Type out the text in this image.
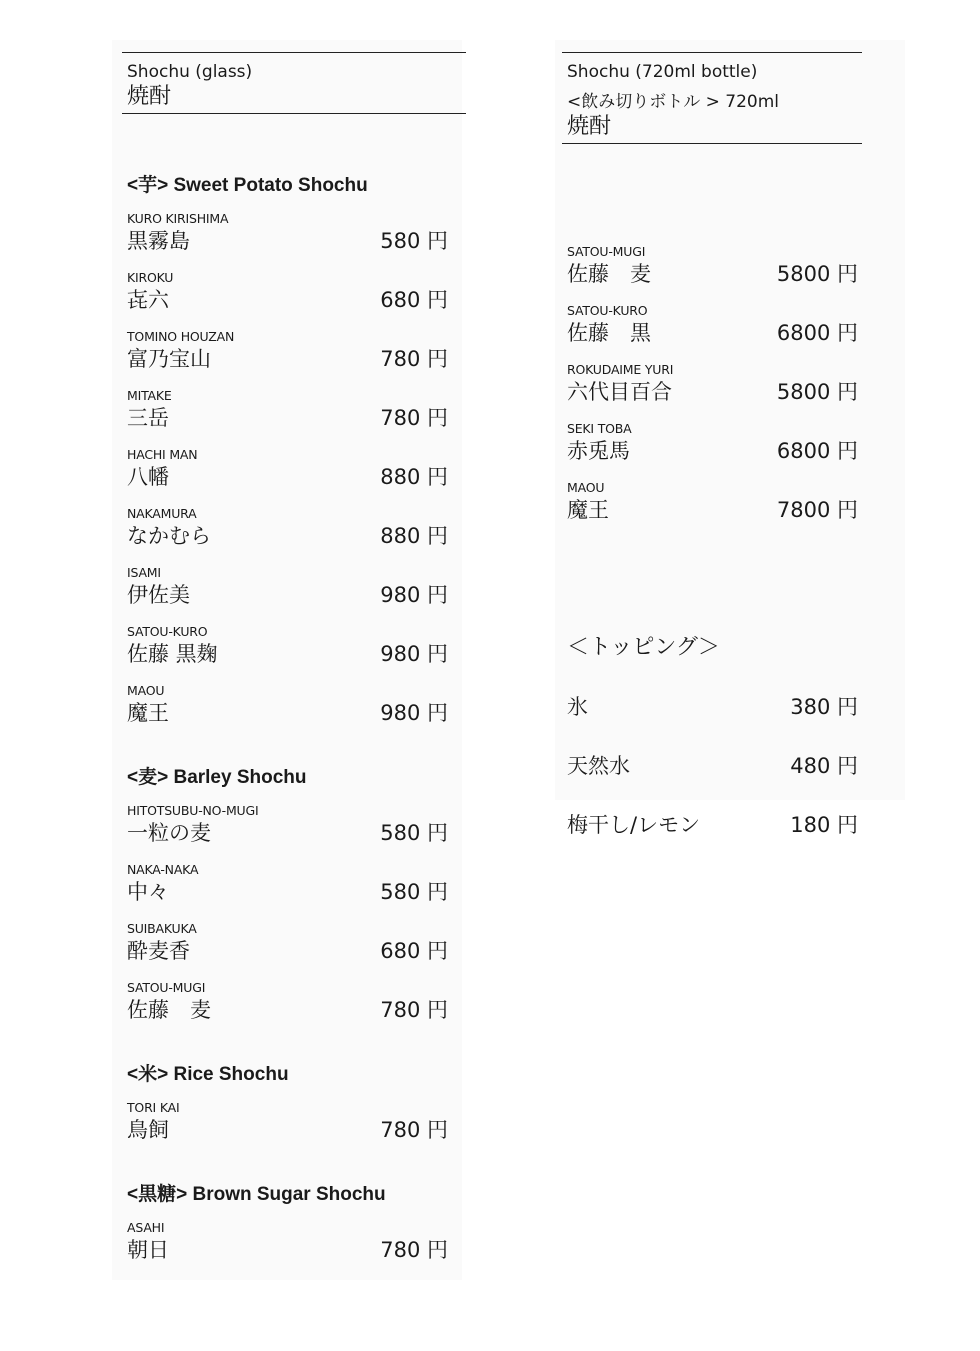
Shochu (glass)
焼酎
<芋> Sweet Potato Shochu
KURO KIRISHIMA
黒霧島	580 円
KIROKU
㐂六	680 円
TOMINO HOUZAN
富乃宝山	780 円
MITAKE
三岳	780 円
HACHI MAN
八幡	880 円
NAKAMURA
なかむら	880 円
ISAMI
伊佐美	980 円
SATOU-KURO
佐藤 黒麹	980 円
MAOU
魔王	980 円
<麦> Barley Shochu
HITOTSUBU-NO-MUGI
一粒の麦	580 円
NAKA-NAKA
中々	580 円
SUIBAKUKA
酔麦香	680 円
SATOU-MUGI
佐藤　麦	780 円
<米> Rice Shochu
TORI KAI
鳥飼	780 円
<黒糖> Brown Sugar Shochu
ASAHI
朝日	780 円
Shochu (720ml bottle)
<飲み切りボトル > 720ml
焼酎
SATOU-MUGI
佐藤　麦	5800 円
SATOU-KURO
佐藤　黒	6800 円
ROKUDAIME YURI
六代目百合	5800 円
SEKI TOBA
赤兎馬	6800 円
MAOU
魔王	7800 円
＜トッピング＞
氷	380 円
天然水	480 円
梅干し/レモン	180 円
